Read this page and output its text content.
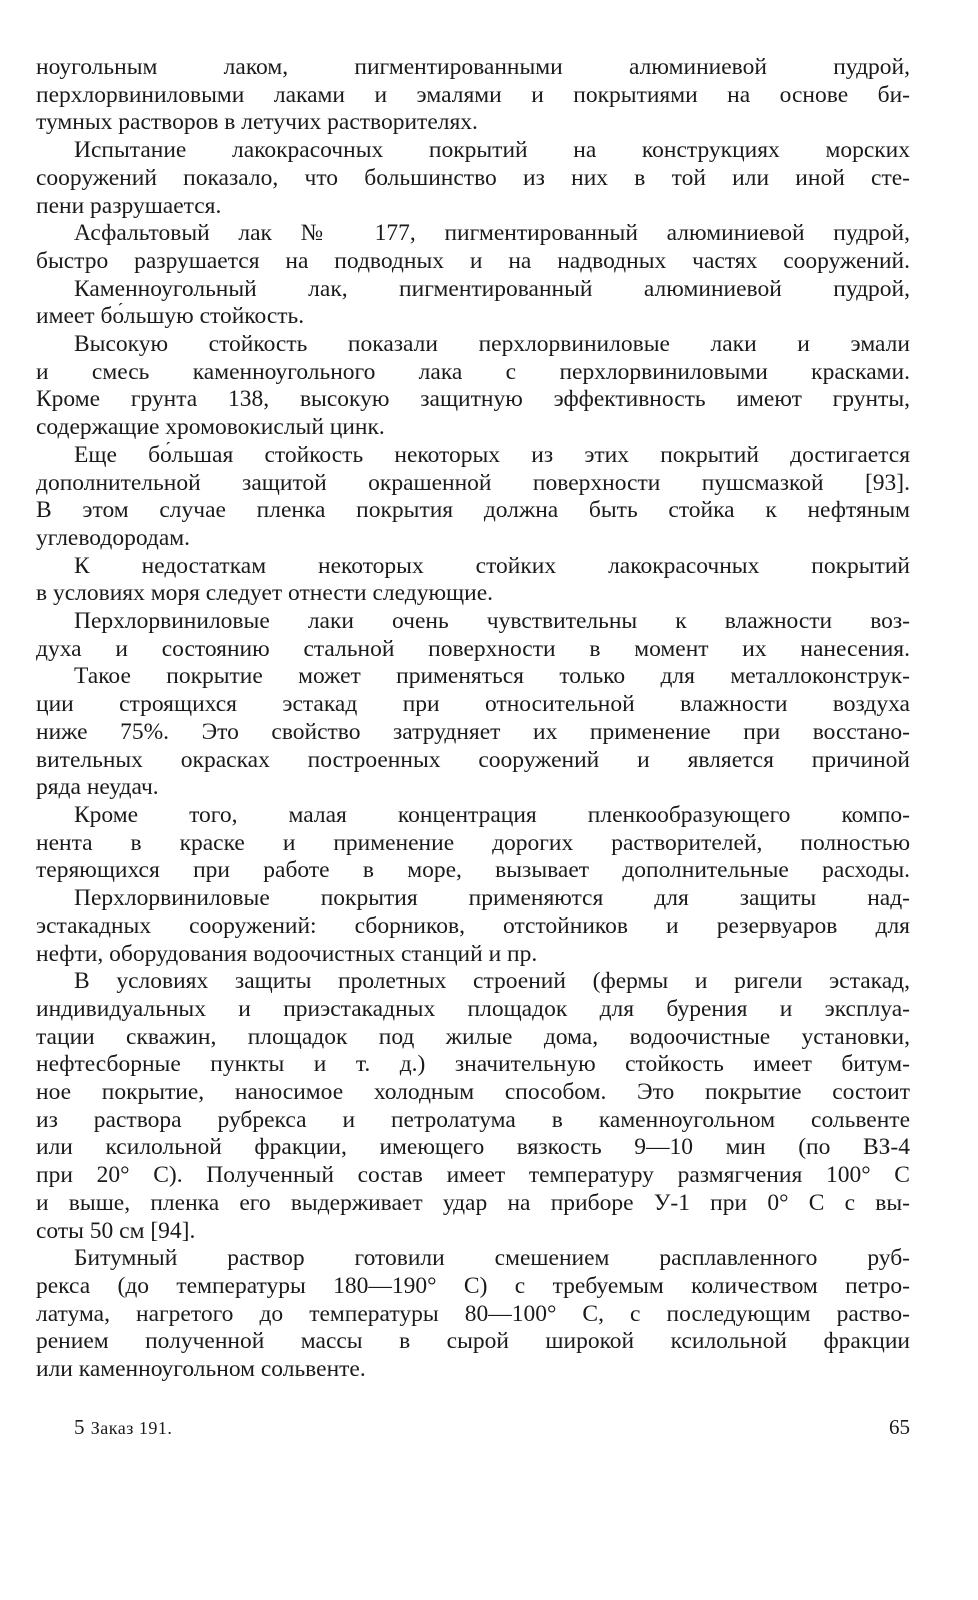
ноугольным лаком, пигментированными алюминиевой пудрой,
перхлорвиниловыми лаками и эмалями и покрытиями на основе би-
тумных растворов в летучих растворителях.

Испытание лакокрасочных покрытий на конструкциях морских
сооружений показало, что большинство из них в той или иной сте-
пени разрушается.

Асфальтовый лак № 177, пигментированный алюминиевой пудрой,
быстро разрушается на подводных и на надводных частях сооружений.

Каменноугольный лак, пигментированный алюминиевой пудрой,
имеет бо́льшую стойкость.

Высокую стойкость показали перхлорвиниловые лаки и эмали
и смесь каменноугольного лака с перхлорвиниловыми красками.
Кроме грунта 138, высокую защитную эффективность имеют грунты,
содержащие хромовокислый цинк.

Еще бо́льшая стойкость некоторых из этих покрытий достигается
дополнительной защитой окрашенной поверхности пушсмазкой [93].
В этом случае пленка покрытия должна быть стойка к нефтяным
углеводородам.

К недостаткам некоторых стойких лакокрасочных покрытий
в условиях моря следует отнести следующие.

Перхлорвиниловые лаки очень чувствительны к влажности воз-
духа и состоянию стальной поверхности в момент их нанесения.

Такое покрытие может применяться только для металлоконструк-
ции строящихся эстакад при относительной влажности воздуха
ниже 75%. Это свойство затрудняет их применение при восстано-
вительных окрасках построенных сооружений и является причиной
ряда неудач.

Кроме того, малая концентрация пленкообразующего компо-
нента в краске и применение дорогих растворителей, полностью
теряющихся при работе в море, вызывает дополнительные расходы.

Перхлорвиниловые покрытия применяются для защиты над-
эстакадных сооружений: сборников, отстойников и резервуаров для
нефти, оборудования водоочистных станций и пр.

В условиях защиты пролетных строений (фермы и ригели эстакад,
индивидуальных и приэстакадных площадок для бурения и эксплуа-
тации скважин, площадок под жилые дома, водоочистные установки,
нефтесборные пункты и т. д.) значительную стойкость имеет битум-
ное покрытие, наносимое холодным способом. Это покрытие состоит
из раствора рубрекса и петролатума в каменноугольном сольвенте
или ксилольной фракции, имеющего вязкость 9—10 мин (по ВЗ-4
при 20° С). Полученный состав имеет температуру размягчения 100° С
и выше, пленка его выдерживает удар на приборе У-1 при 0° С с вы-
соты 50 см [94].

Битумный раствор готовили смешением расплавленного руб-
рекса (до температуры 180—190° С) с требуемым количеством петро-
латума, нагретого до температуры 80—100° С, с последующим раство-
рением полученной массы в сырой широкой ксилольной фракции
или каменноугольном сольвенте.

5 Заказ 191.	65
